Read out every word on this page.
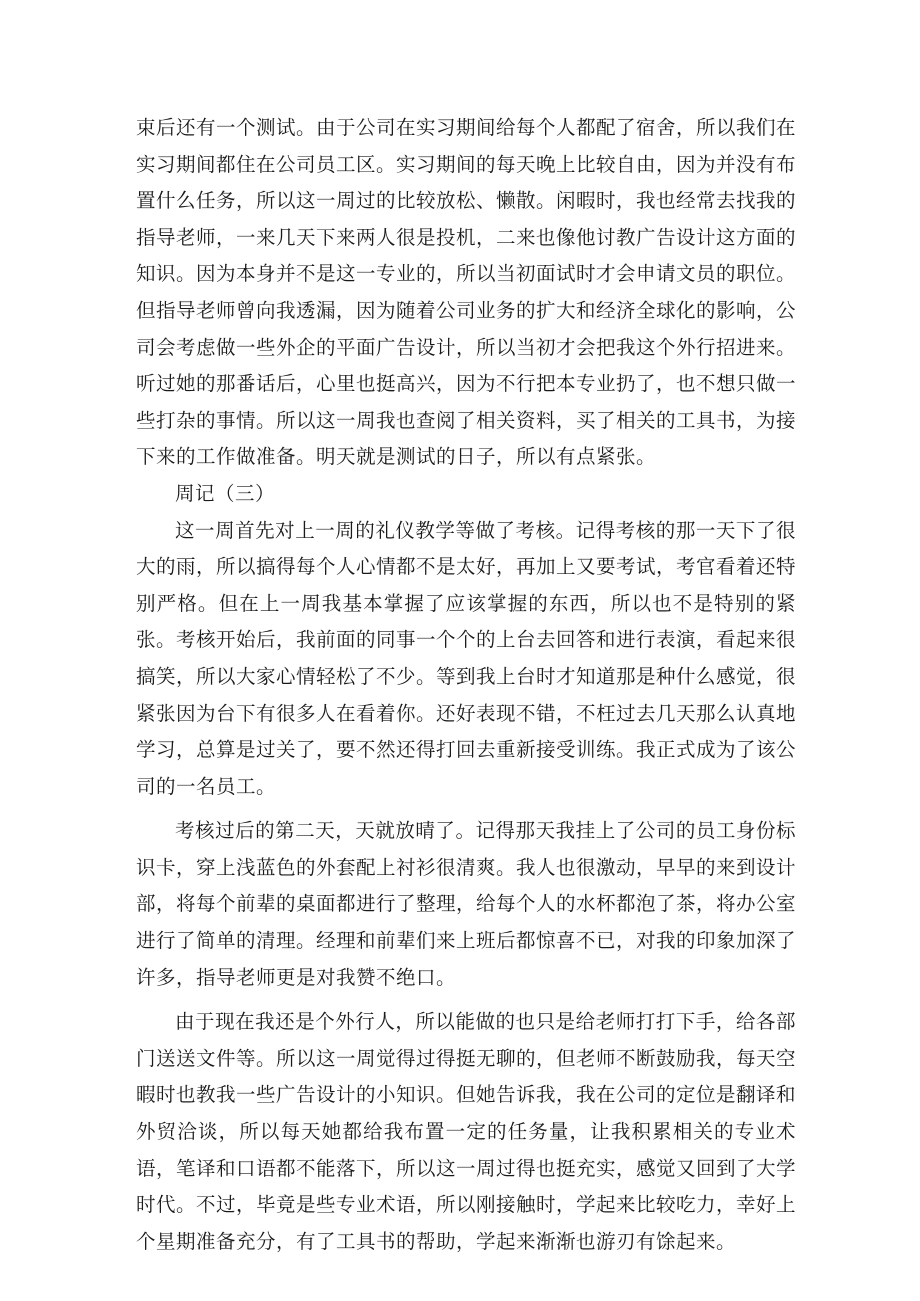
束后还有一个测试。由于公司在实习期间给每个人都配了宿舍，所以我们在实习期间都住在公司员工区。实习期间的每天晚上比较自由，因为并没有布置什么任务，所以这一周过的比较放松、懒散。闲暇时，我也经常去找我的指导老师，一来几天下来两人很是投机，二来也像他讨教广告设计这方面的知识。因为本身并不是这一专业的，所以当初面试时才会申请文员的职位。但指导老师曾向我透漏，因为随着公司业务的扩大和经济全球化的影响，公司会考虑做一些外企的平面广告设计，所以当初才会把我这个外行招进来。听过她的那番话后，心里也挺高兴，因为不行把本专业扔了，也不想只做一些打杂的事情。所以这一周我也查阅了相关资料，买了相关的工具书，为接下来的工作做准备。明天就是测试的日子，所以有点紧张。

周记（三）

这一周首先对上一周的礼仪教学等做了考核。记得考核的那一天下了很大的雨，所以搞得每个人心情都不是太好，再加上又要考试，考官看着还特别严格。但在上一周我基本掌握了应该掌握的东西，所以也不是特别的紧张。考核开始后，我前面的同事一个个的上台去回答和进行表演，看起来很搞笑，所以大家心情轻松了不少。等到我上台时才知道那是种什么感觉，很紧张因为台下有很多人在看着你。还好表现不错，不枉过去几天那么认真地学习，总算是过关了，要不然还得打回去重新接受训练。我正式成为了该公司的一名员工。

考核过后的第二天，天就放晴了。记得那天我挂上了公司的员工身份标识卡，穿上浅蓝色的外套配上衬衫很清爽。我人也很激动，早早的来到设计部，将每个前辈的桌面都进行了整理，给每个人的水杯都泡了茶，将办公室进行了简单的清理。经理和前辈们来上班后都惊喜不已，对我的印象加深了许多，指导老师更是对我赞不绝口。

由于现在我还是个外行人，所以能做的也只是给老师打打下手，给各部门送送文件等。所以这一周觉得过得挺无聊的，但老师不断鼓励我，每天空暇时也教我一些广告设计的小知识。但她告诉我，我在公司的定位是翻译和外贸洽谈，所以每天她都给我布置一定的任务量，让我积累相关的专业术语，笔译和口语都不能落下，所以这一周过得也挺充实，感觉又回到了大学时代。不过，毕竟是些专业术语，所以刚接触时，学起来比较吃力，幸好上个星期准备充分，有了工具书的帮助，学起来渐渐也游刃有馀起来。
